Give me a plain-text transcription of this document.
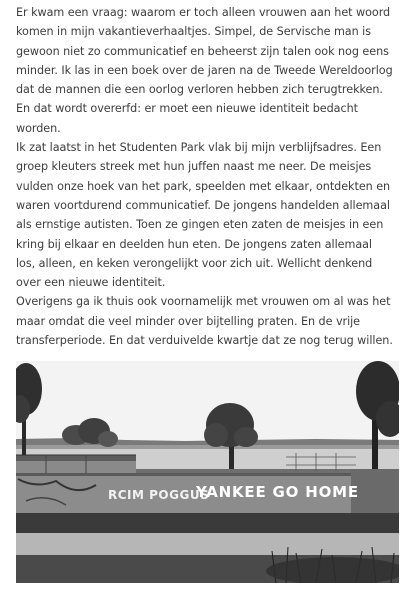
Er kwam een vraag: waarom er toch alleen vrouwen aan het woord komen in mijn vakantieverhaaltjes. Simpel, de Servische man is gewoon niet zo communicatief en beheerst zijn talen ook nog eens minder. Ik las in een boek over de jaren na de Tweede Wereldoorlog dat de mannen die een oorlog verloren hebben zich terugtrekken. En dat wordt overerfd: er moet een nieuwe identiteit bedacht worden.

Ik zat laatst in het Studenten Park vlak bij mijn verblijfsadres. Een groep kleuters streek met hun juffen naast me neer. De meisjes vulden onze hoek van het park, speelden met elkaar, ontdekten en waren voortdurend communicatief. De jongens handelden allemaal als ernstige autisten. Toen ze gingen eten zaten de meisjes in een kring bij elkaar en deelden hun eten. De jongens zaten allemaal los, alleen, en keken verongelijkt voor zich uit. Wellicht denkend over een nieuwe identiteit.

Overigens ga ik thuis ook voornamelijk met vrouwen om al was het maar omdat die veel minder over bijtelling praten. En de vrije transferperiode. En dat verduivelde kwartje dat ze nog terug willen.

RCIM POGGUS
YANKEE GO HOME
